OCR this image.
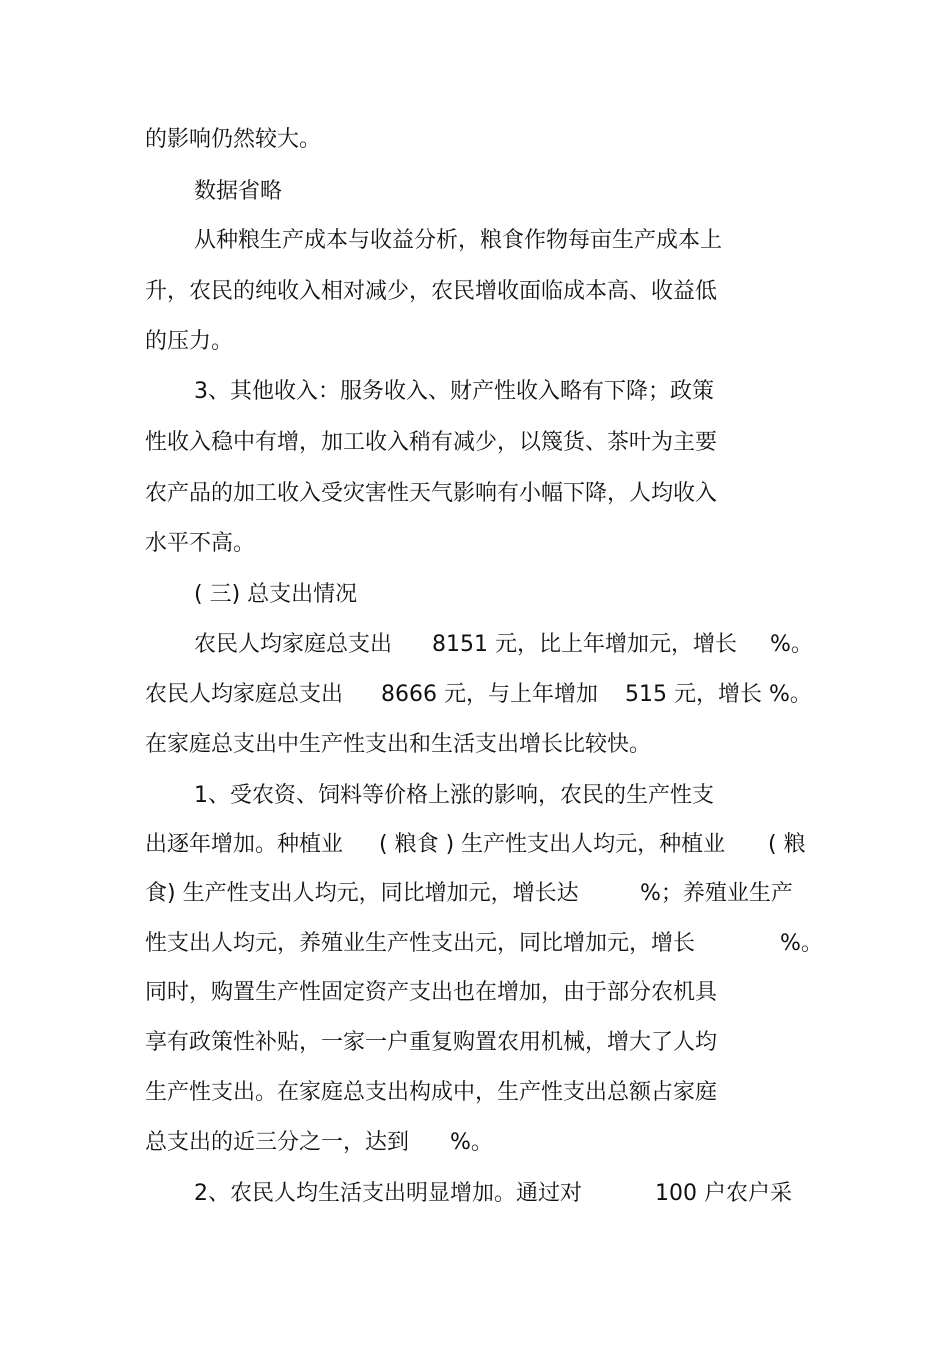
的影响仍然较大。
数据省略
从种粮生产成本与收益分析，粮食作物每亩生产成本上
升，农民的纯收入相对减少，农民增收面临成本高、收益低
的压力。
3、其他收入：服务收入、财产性收入略有下降；政策
性收入稳中有增，加工收入稍有减少，以篾货、茶叶为主要
农产品的加工收入受灾害性天气影响有小幅下降，人均收入
水平不高。
( 三) 总支出情况
农民人均家庭总支出 8151 元，比上年增加元，增长 %。
农民人均家庭总支出 8666 元，与上年增加 515 元，增长 %。
在家庭总支出中生产性支出和生活支出增长比较快。
1、受农资、饲料等价格上涨的影响，农民的生产性支
出逐年增加。种植业 ( 粮食 ) 生产性支出人均元，种植业 ( 粮
食) 生产性支出人均元，同比增加元，增长达	%；养殖业生产
性支出人均元，养殖业生产性支出元，同比增加元，增长	%。
同时，购置生产性固定资产支出也在增加，由于部分农机具
享有政策性补贴，一家一户重复购置农用机械，增大了人均
生产性支出。在家庭总支出构成中，生产性支出总额占家庭
总支出的近三分之一，达到 %。
2、农民人均生活支出明显增加。通过对	100 户农户采
